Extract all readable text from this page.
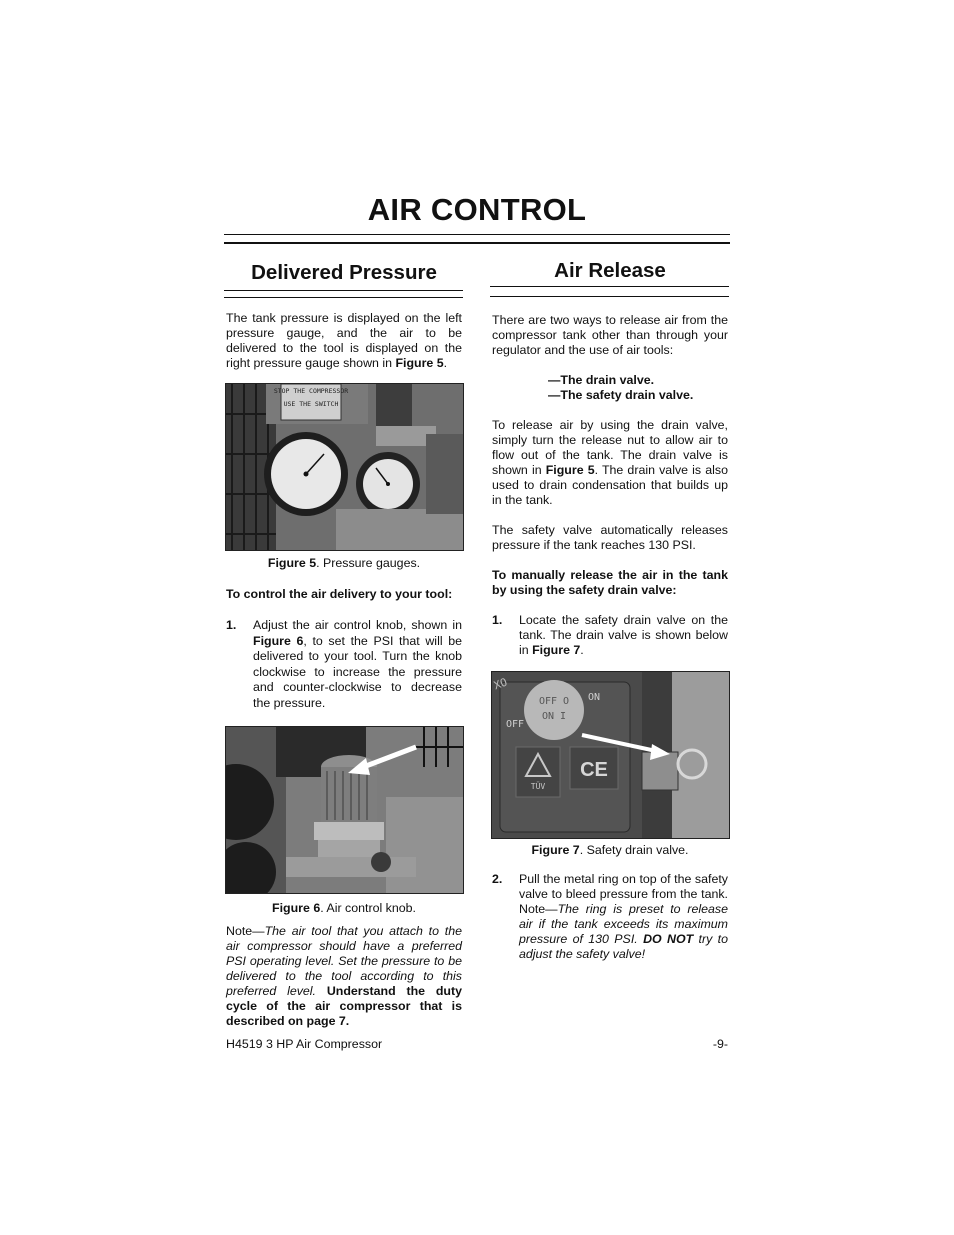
AIR CONTROL
Delivered Pressure

The tank pressure is displayed on the left pressure gauge, and the air to be delivered to the tool is displayed on the right pressure gauge shown in Figure 5.

STOP THE COMPRESSOR
USE THE SWITCH
Figure 5. Pressure gauges.
To control the air delivery to your tool:
1.	Adjust the air control knob, shown in Figure 6, to set the PSI that will be delivered to your tool. Turn the knob clockwise to increase the pressure and counter-clockwise to decrease the pressure.

Figure 6. Air control knob.

Note—The air tool that you attach to the air compressor should have a preferred PSI operating level. Set the pressure to be delivered to the tool according to this preferred level. Understand the duty cycle of the air compressor that is described on page 7.

Air Release

There are two ways to release air from the compressor tank other than through your regulator and the use of air tools:

—The drain valve.
—The safety drain valve.

To release air by using the drain valve, simply turn the release nut to allow air to flow out of the tank. The drain valve is shown in Figure 5. The drain valve is also used to drain condensation that builds up in the tank.

The safety valve automatically releases pressure if the tank reaches 130 PSI.

To manually release the air in the tank by using the safety drain valve:
1.	Locate the safety drain valve on the tank. The drain valve is shown below in Figure 7.

XO
OFF O
ON I
OFF
ON
TÜV
CE
Figure 7. Safety drain valve.
2.	Pull the metal ring on top of the safety valve to bleed pressure from the tank. Note—The ring is preset to release air if the tank exceeds its maximum pressure of 130 PSI. DO NOT try to adjust the safety valve!

H4519 3 HP Air Compressor	-9-
